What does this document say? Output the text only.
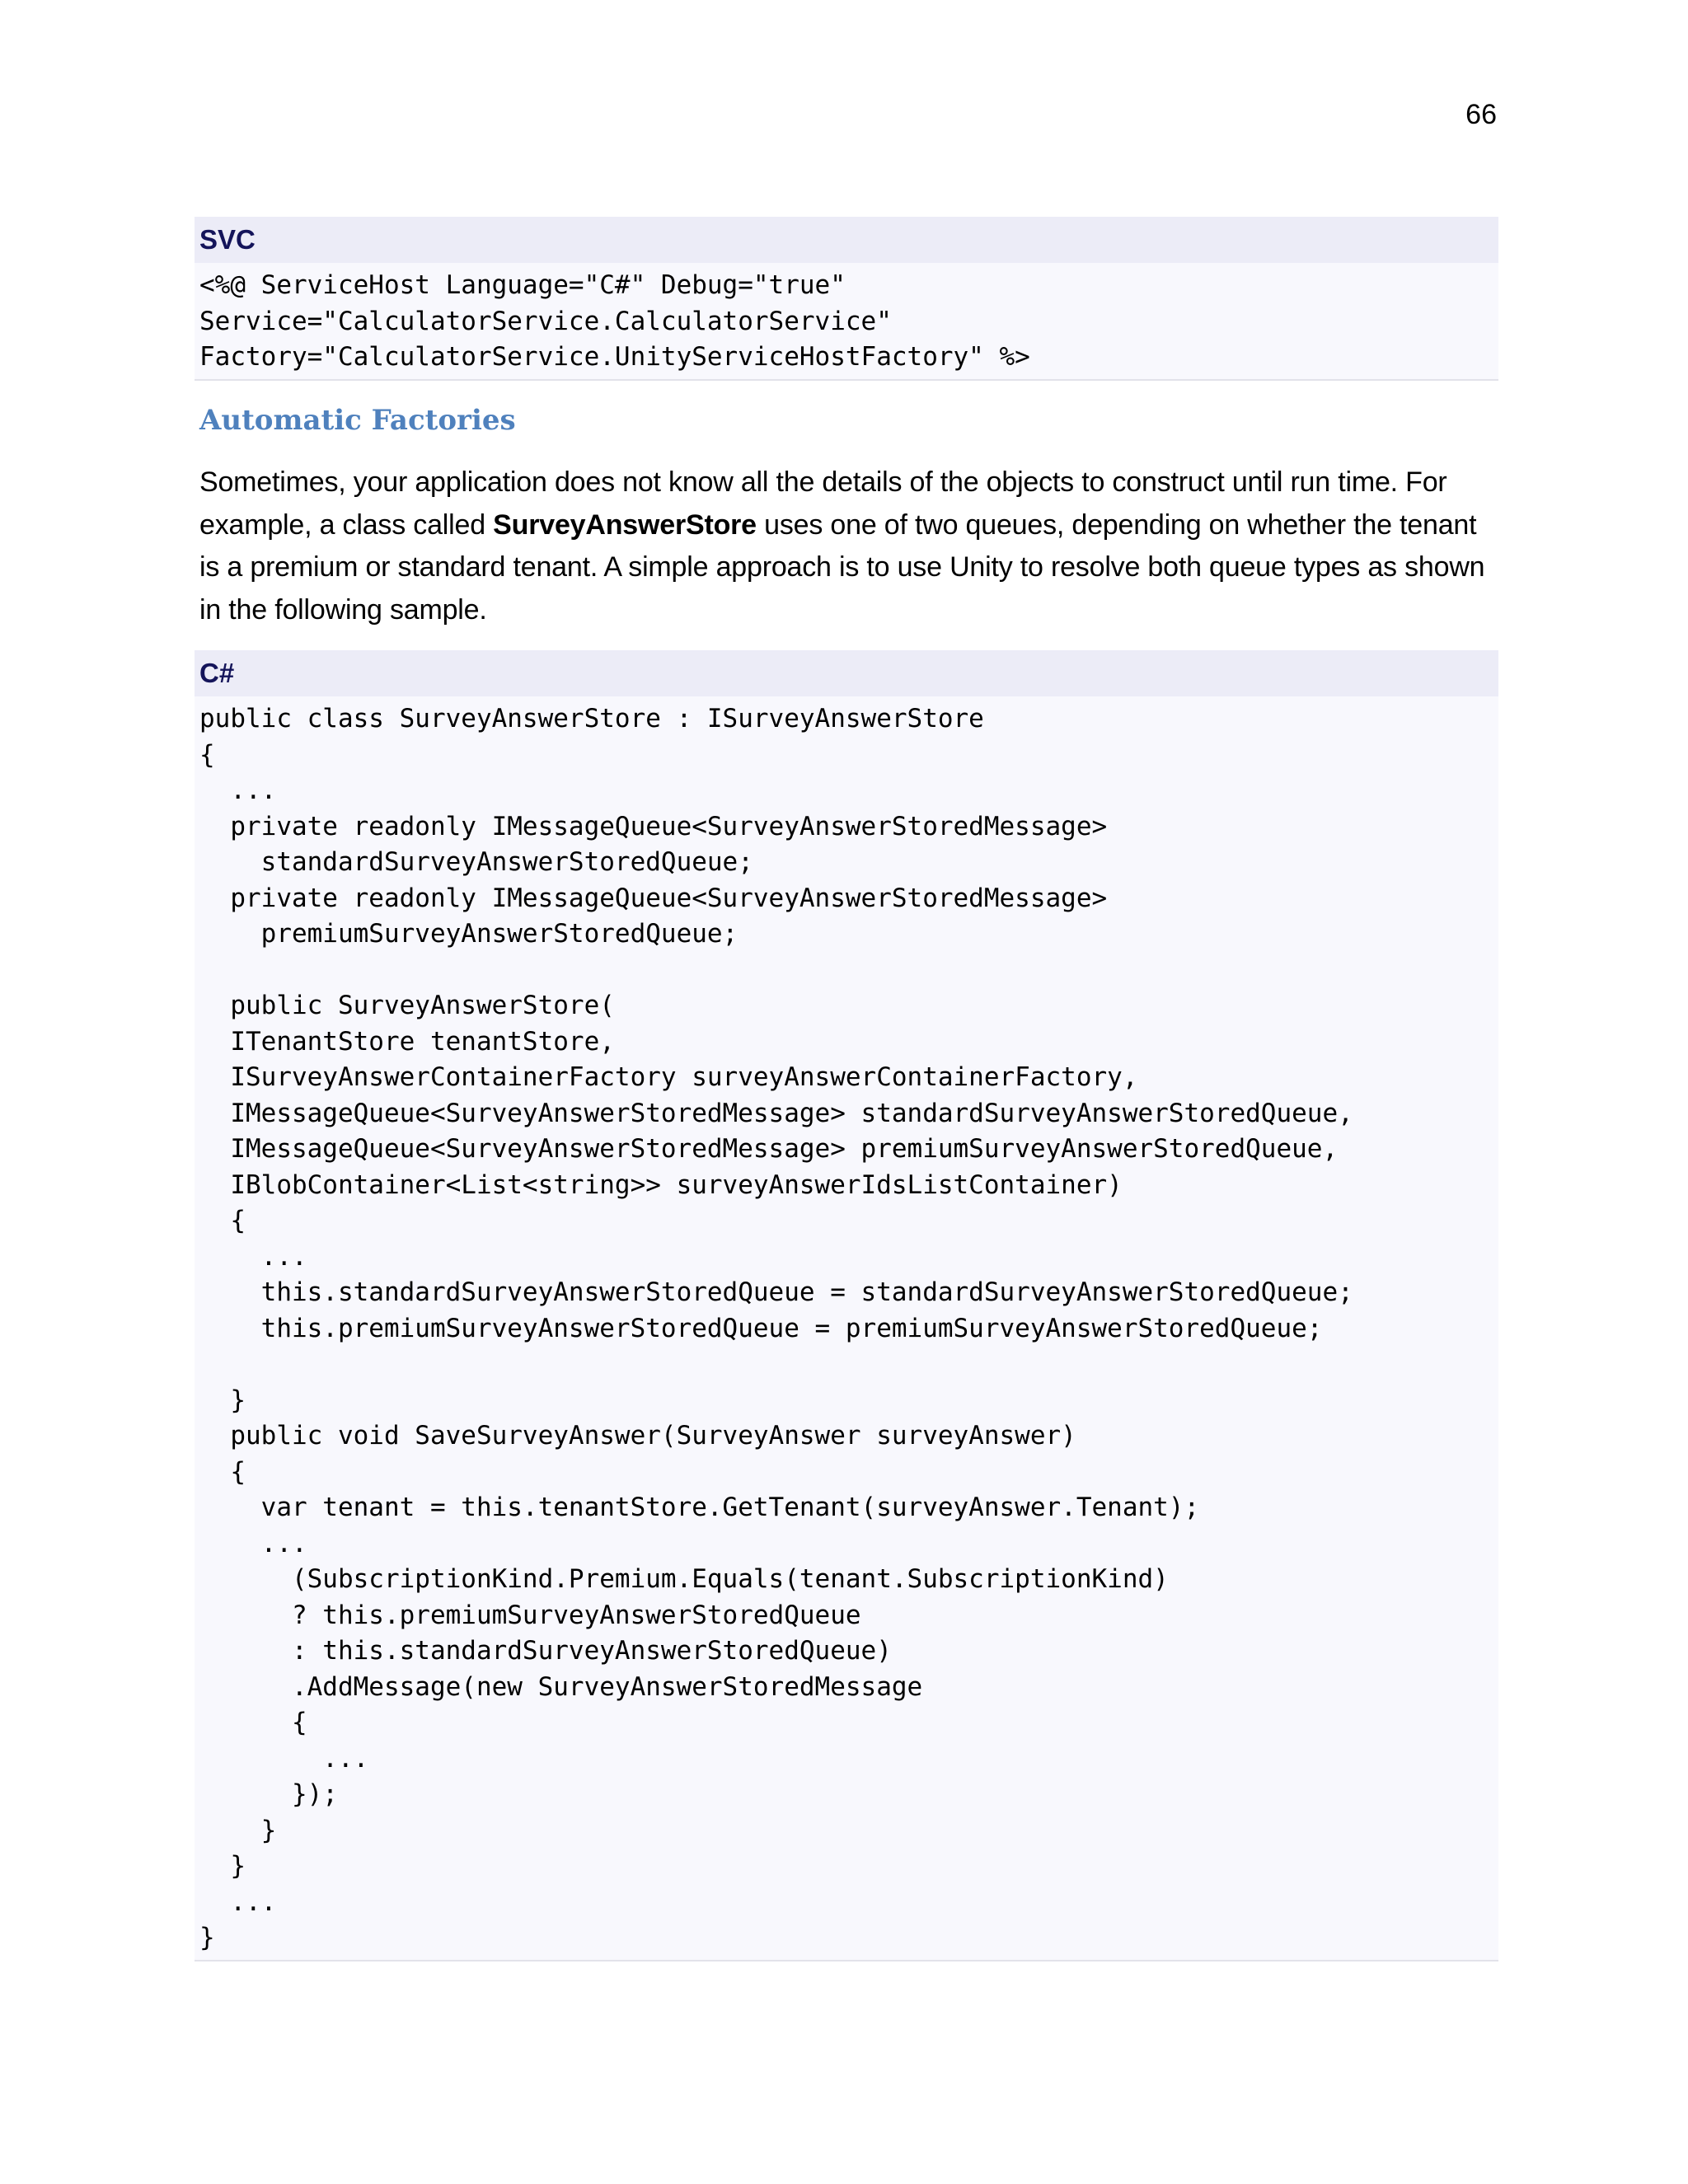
66
SVC
<%@ ServiceHost Language="C#" Debug="true"
Service="CalculatorService.CalculatorService"
Factory="CalculatorService.UnityServiceHostFactory" %>
Automatic Factories

Sometimes, your application does not know all the details of the objects to construct until run time. For example, a class called SurveyAnswerStore uses one of two queues, depending on whether the tenant is a premium or standard tenant. A simple approach is to use Unity to resolve both queue types as shown in the following sample.

C#
public class SurveyAnswerStore : ISurveyAnswerStore
{
...
private readonly IMessageQueue<SurveyAnswerStoredMessage>
standardSurveyAnswerStoredQueue;
private readonly IMessageQueue<SurveyAnswerStoredMessage>
premiumSurveyAnswerStoredQueue;

public SurveyAnswerStore(
ITenantStore tenantStore,
ISurveyAnswerContainerFactory surveyAnswerContainerFactory,
IMessageQueue<SurveyAnswerStoredMessage> standardSurveyAnswerStoredQueue,
IMessageQueue<SurveyAnswerStoredMessage> premiumSurveyAnswerStoredQueue,
IBlobContainer<List<string>> surveyAnswerIdsListContainer)
{
...
this.standardSurveyAnswerStoredQueue = standardSurveyAnswerStoredQueue;
this.premiumSurveyAnswerStoredQueue = premiumSurveyAnswerStoredQueue;

}
public void SaveSurveyAnswer(SurveyAnswer surveyAnswer)
{
var tenant = this.tenantStore.GetTenant(surveyAnswer.Tenant);
...
(SubscriptionKind.Premium.Equals(tenant.SubscriptionKind)
? this.premiumSurveyAnswerStoredQueue
: this.standardSurveyAnswerStoredQueue)
.AddMessage(new SurveyAnswerStoredMessage
{
...
});
}
}
...
}
